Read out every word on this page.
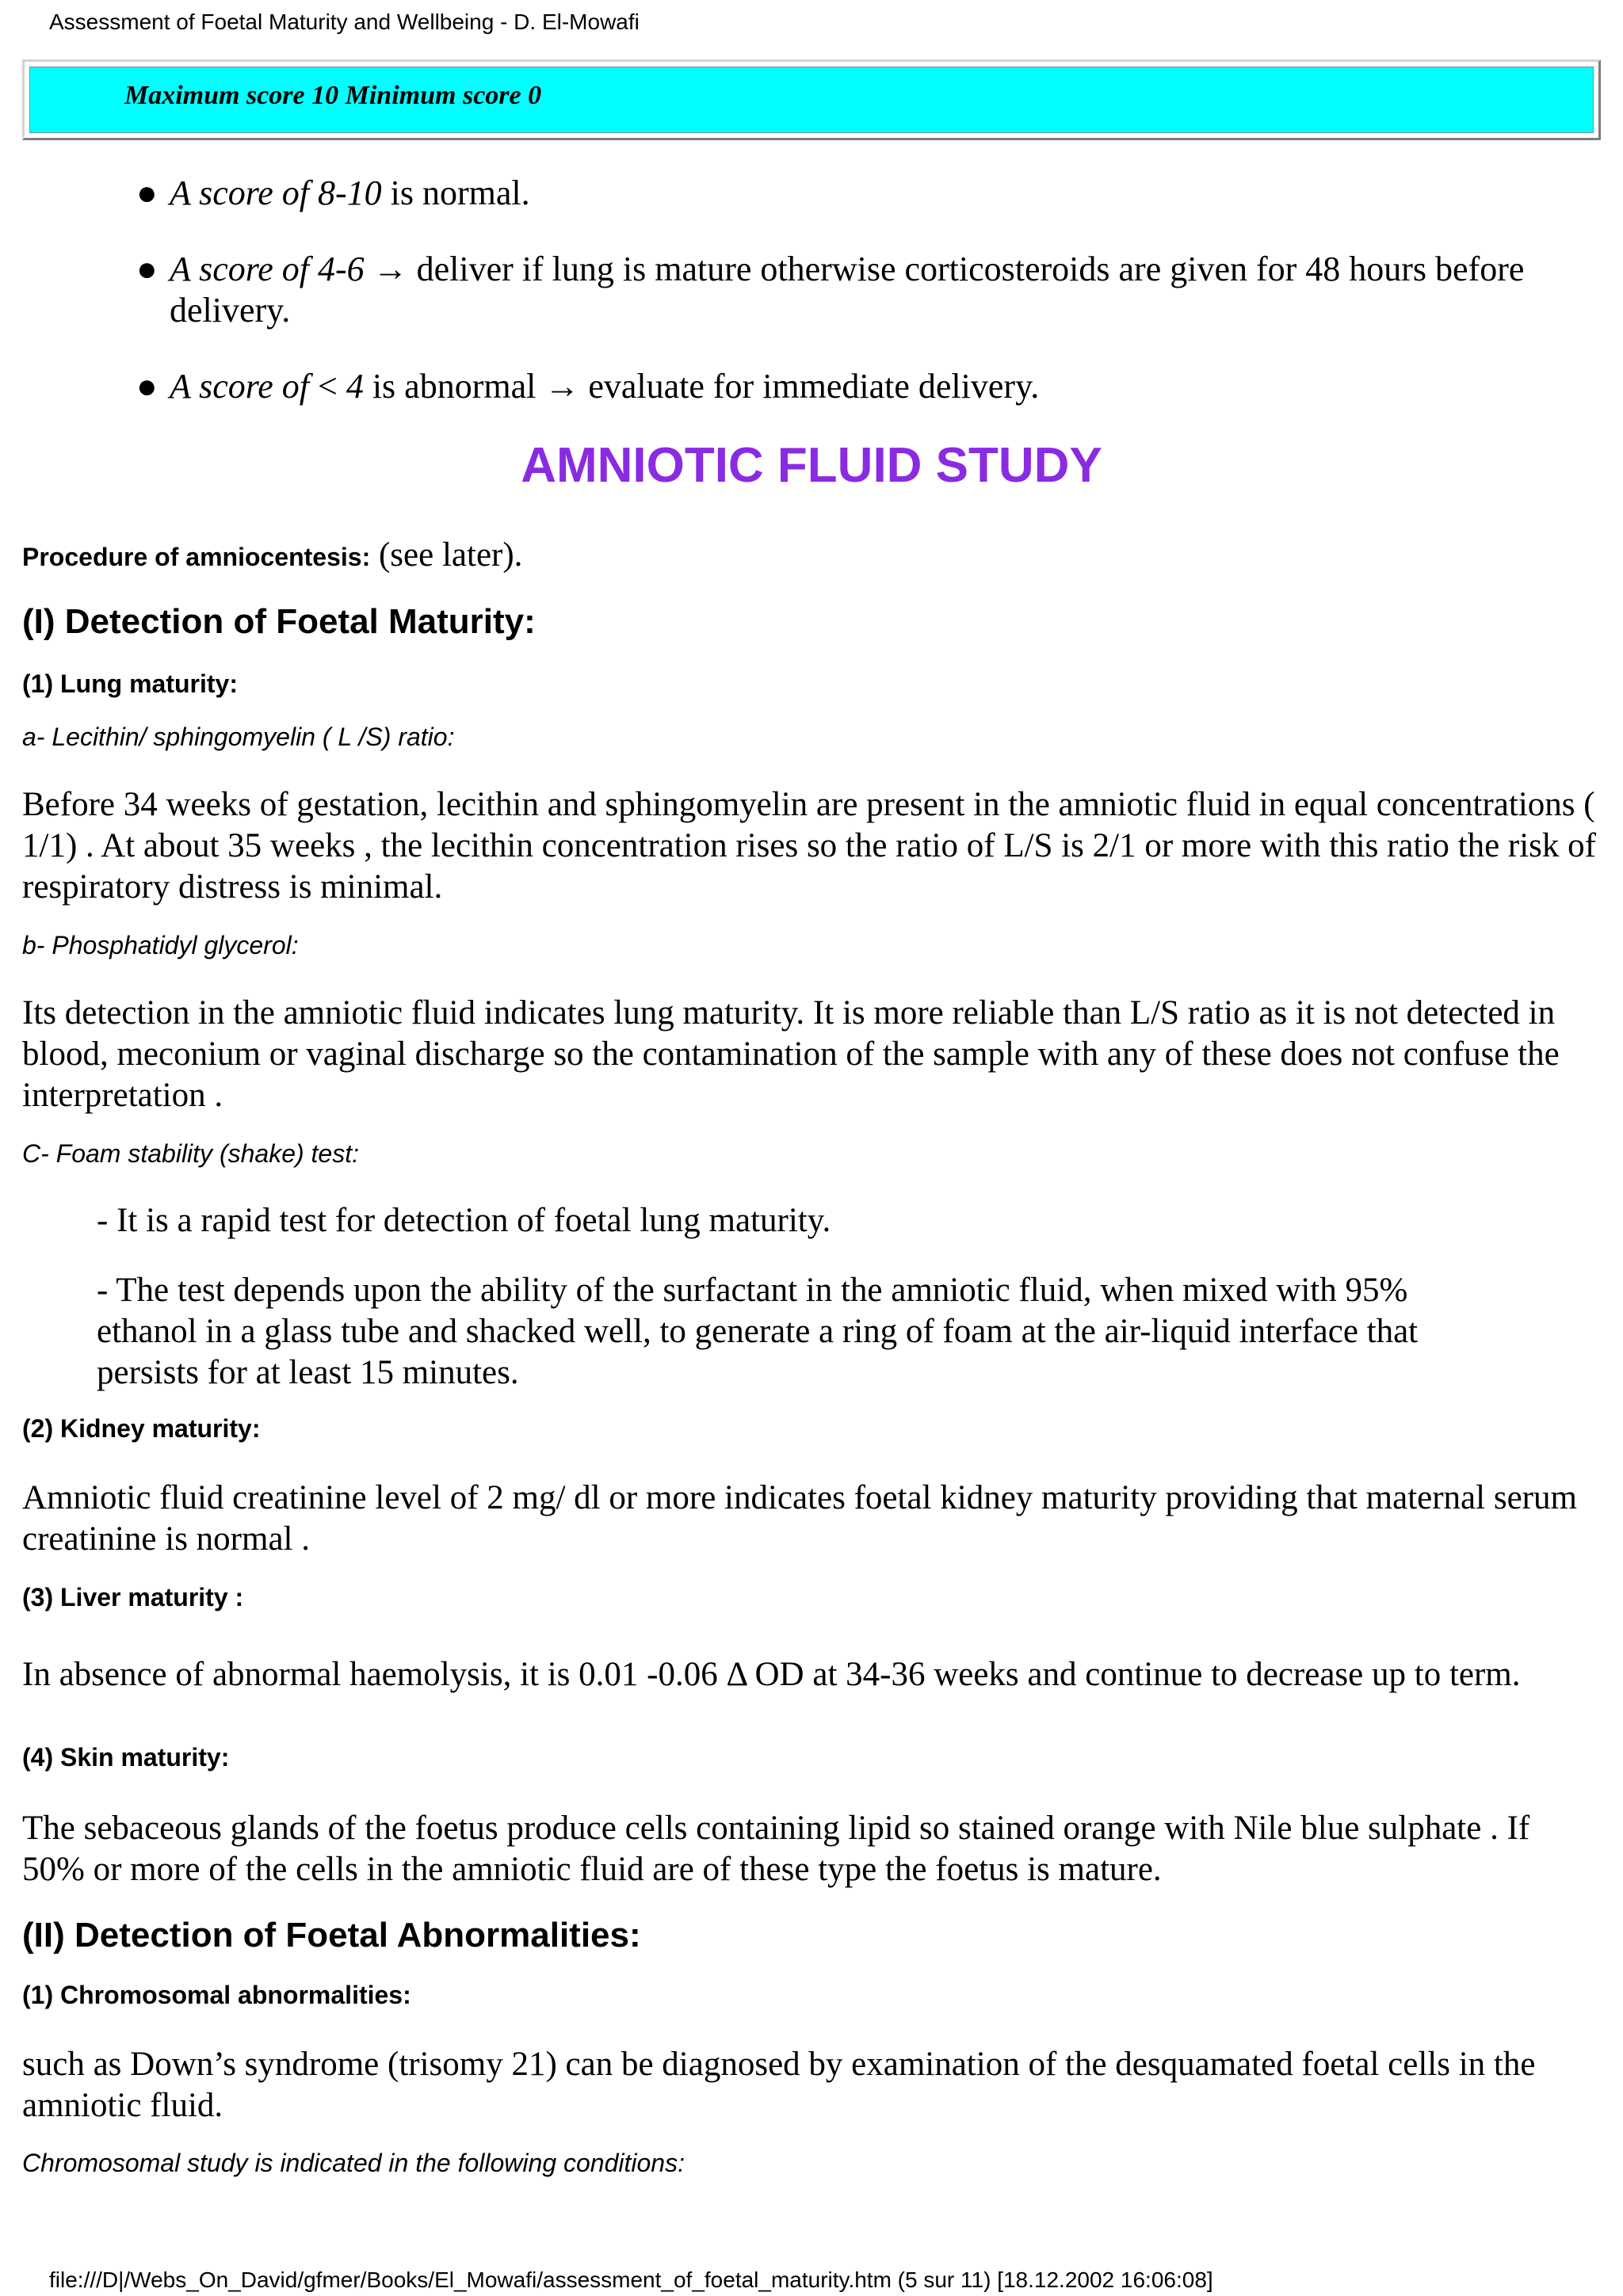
Assessment of Foetal Maturity and Wellbeing - D. El-Mowafi
Maximum score 10 Minimum score 0
● A score of 8-10 is normal.
● A score of 4-6 → deliver if lung is mature otherwise corticosteroids are given for 48 hours before delivery.
● A score of < 4 is abnormal → evaluate for immediate delivery.
AMNIOTIC FLUID STUDY
Procedure of amniocentesis: (see later).
(I) Detection of Foetal Maturity:
(1) Lung maturity:
a- Lecithin/ sphingomyelin ( L /S) ratio:
Before 34 weeks of gestation, lecithin and sphingomyelin are present in the amniotic fluid in equal concentrations ( 1/1) . At about 35 weeks , the lecithin concentration rises so the ratio of L/S is 2/1 or more with this ratio the risk of respiratory distress is minimal.
b- Phosphatidyl glycerol:
Its detection in the amniotic fluid indicates lung maturity. It is more reliable than L/S ratio as it is not detected in blood, meconium or vaginal discharge so the contamination of the sample with any of these does not confuse the interpretation .
C- Foam stability (shake) test:
- It is a rapid test for detection of foetal lung maturity.
- The test depends upon the ability of the surfactant in the amniotic fluid, when mixed with 95% ethanol in a glass tube and shacked well, to generate a ring of foam at the air-liquid interface that persists for at least 15 minutes.
(2) Kidney maturity:
Amniotic fluid creatinine level of 2 mg/ dl or more indicates foetal kidney maturity providing that maternal serum creatinine is normal .
(3) Liver maturity :
In absence of abnormal haemolysis, it is 0.01 -0.06 Δ OD at 34-36 weeks and continue to decrease up to term.
(4) Skin maturity:
The sebaceous glands of the foetus produce cells containing lipid so stained orange with Nile blue sulphate . If 50% or more of the cells in the amniotic fluid are of these type the foetus is mature.
(II) Detection of Foetal Abnormalities:
(1) Chromosomal abnormalities:
such as Down’s syndrome (trisomy 21) can be diagnosed by examination of the desquamated foetal cells in the amniotic fluid.
Chromosomal study is indicated in the following conditions:
file:///D|/Webs_On_David/gfmer/Books/El_Mowafi/assessment_of_foetal_maturity.htm (5 sur 11) [18.12.2002 16:06:08]
